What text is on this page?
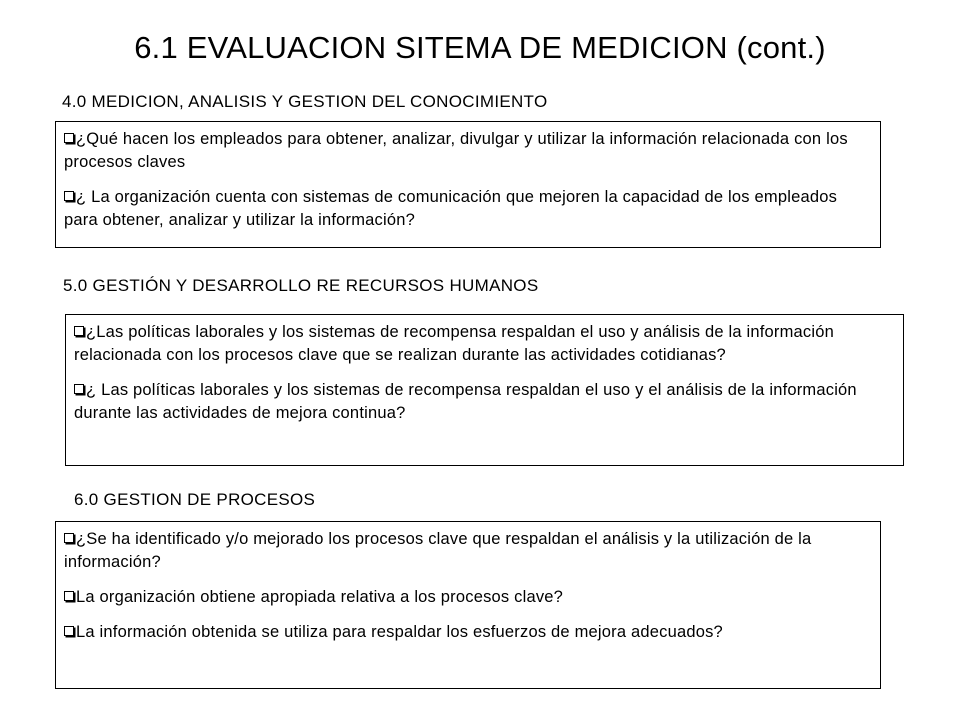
6.1 EVALUACION SITEMA DE MEDICION (cont.)
4.0 MEDICION, ANALISIS Y GESTION DEL CONOCIMIENTO

¿Qué hacen los empleados para obtener, analizar, divulgar y utilizar la información relacionada con los procesos claves

¿ La organización cuenta con sistemas de comunicación que mejoren la capacidad de los empleados para obtener, analizar y utilizar la información?

5.0 GESTIÓN Y DESARROLLO RE RECURSOS HUMANOS

¿Las políticas laborales y los sistemas de recompensa respaldan el uso y análisis de la información relacionada con los procesos clave que se realizan durante las actividades cotidianas?

¿ Las políticas laborales y los sistemas de recompensa respaldan el uso y el análisis de la información durante las actividades de mejora continua?

6.0 GESTION DE PROCESOS

¿Se ha identificado y/o mejorado los procesos clave que respaldan el análisis y la utilización de la información?

La organización obtiene apropiada relativa a los procesos clave?

La información obtenida se utiliza para respaldar los esfuerzos de mejora adecuados?
